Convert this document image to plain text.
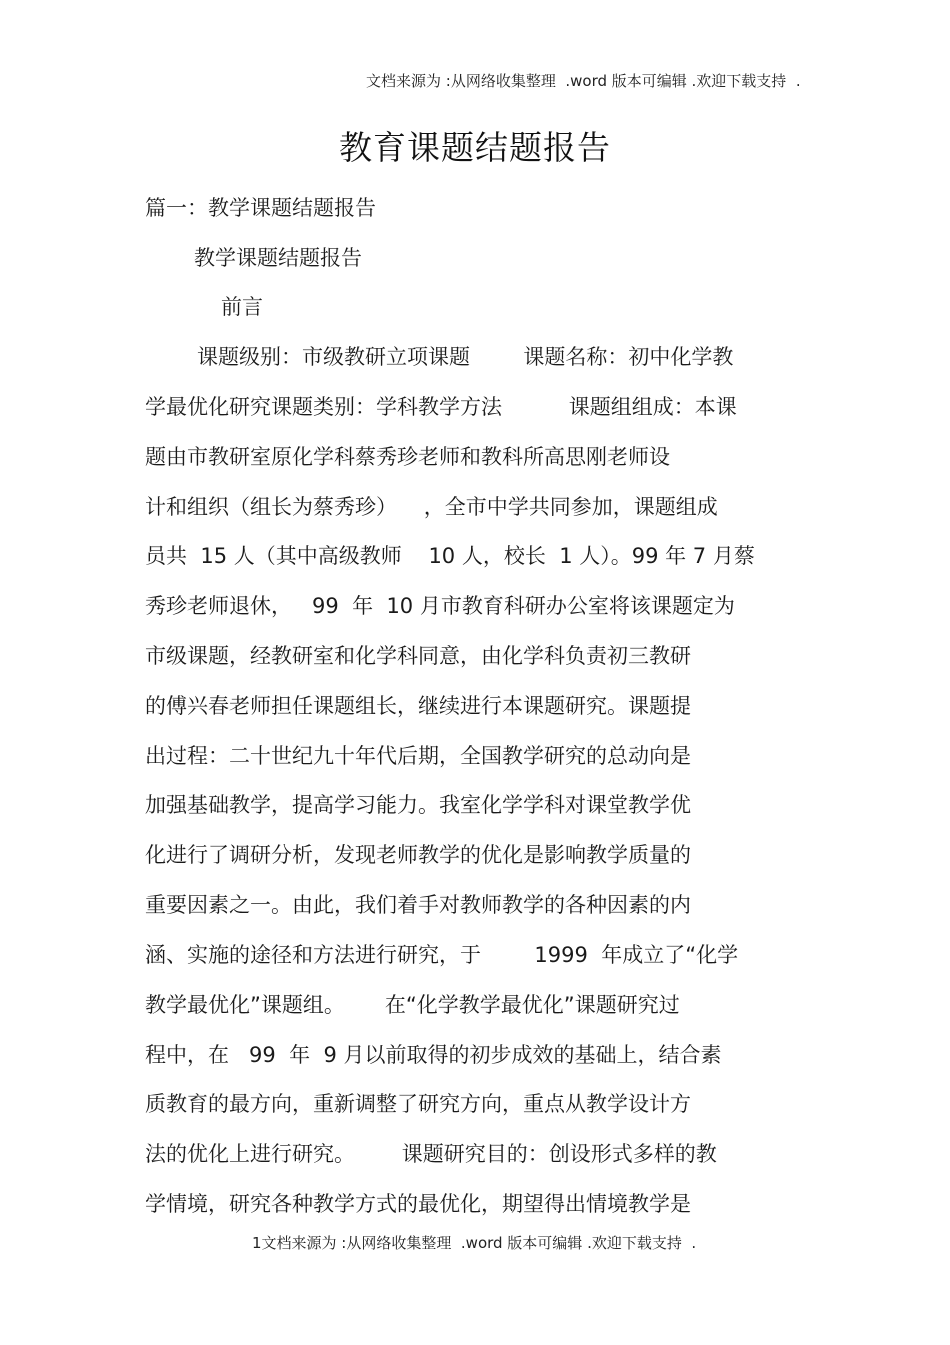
文档来源为 :从网络收集整理  .word 版本可编辑 .欢迎下载支持  .
教育课题结题报告
篇一：教学课题结题报告
教学课题结题报告
前言
课题级别：市级教研立项课题        课题名称：初中化学教
学最优化研究课题类别：学科教学方法          课题组组成：本课
题由市教研室原化学科蔡秀珍老师和教科所高思刚老师设
计和组织（组长为蔡秀珍）    ，全市中学共同参加，课题组成
员共  15 人（其中高级教师    10 人，校长  1 人）。99 年 7 月蔡
秀珍老师退休，   99  年  10 月市教育科研办公室将该课题定为
市级课题，经教研室和化学科同意，由化学科负责初三教研
的傅兴春老师担任课题组长，继续进行本课题研究。课题提
出过程：二十世纪九十年代后期，全国教学研究的总动向是
加强基础教学，提高学习能力。我室化学学科对课堂教学优
化进行了调研分析，发现老师教学的优化是影响教学质量的
重要因素之一。由此，我们着手对教师教学的各种因素的内
涵、实施的途径和方法进行研究，于        1999  年成立了“化学
教学最优化”课题组。      在“化学教学最优化”课题研究过
程中，在   99  年  9 月以前取得的初步成效的基础上，结合素
质教育的最方向，重新调整了研究方向，重点从教学设计方
法的优化上进行研究。       课题研究目的：创设形式多样的教
学情境，研究各种教学方式的最优化，期望得出情境教学是
1文档来源为 :从网络收集整理  .word 版本可编辑 .欢迎下载支持  .
